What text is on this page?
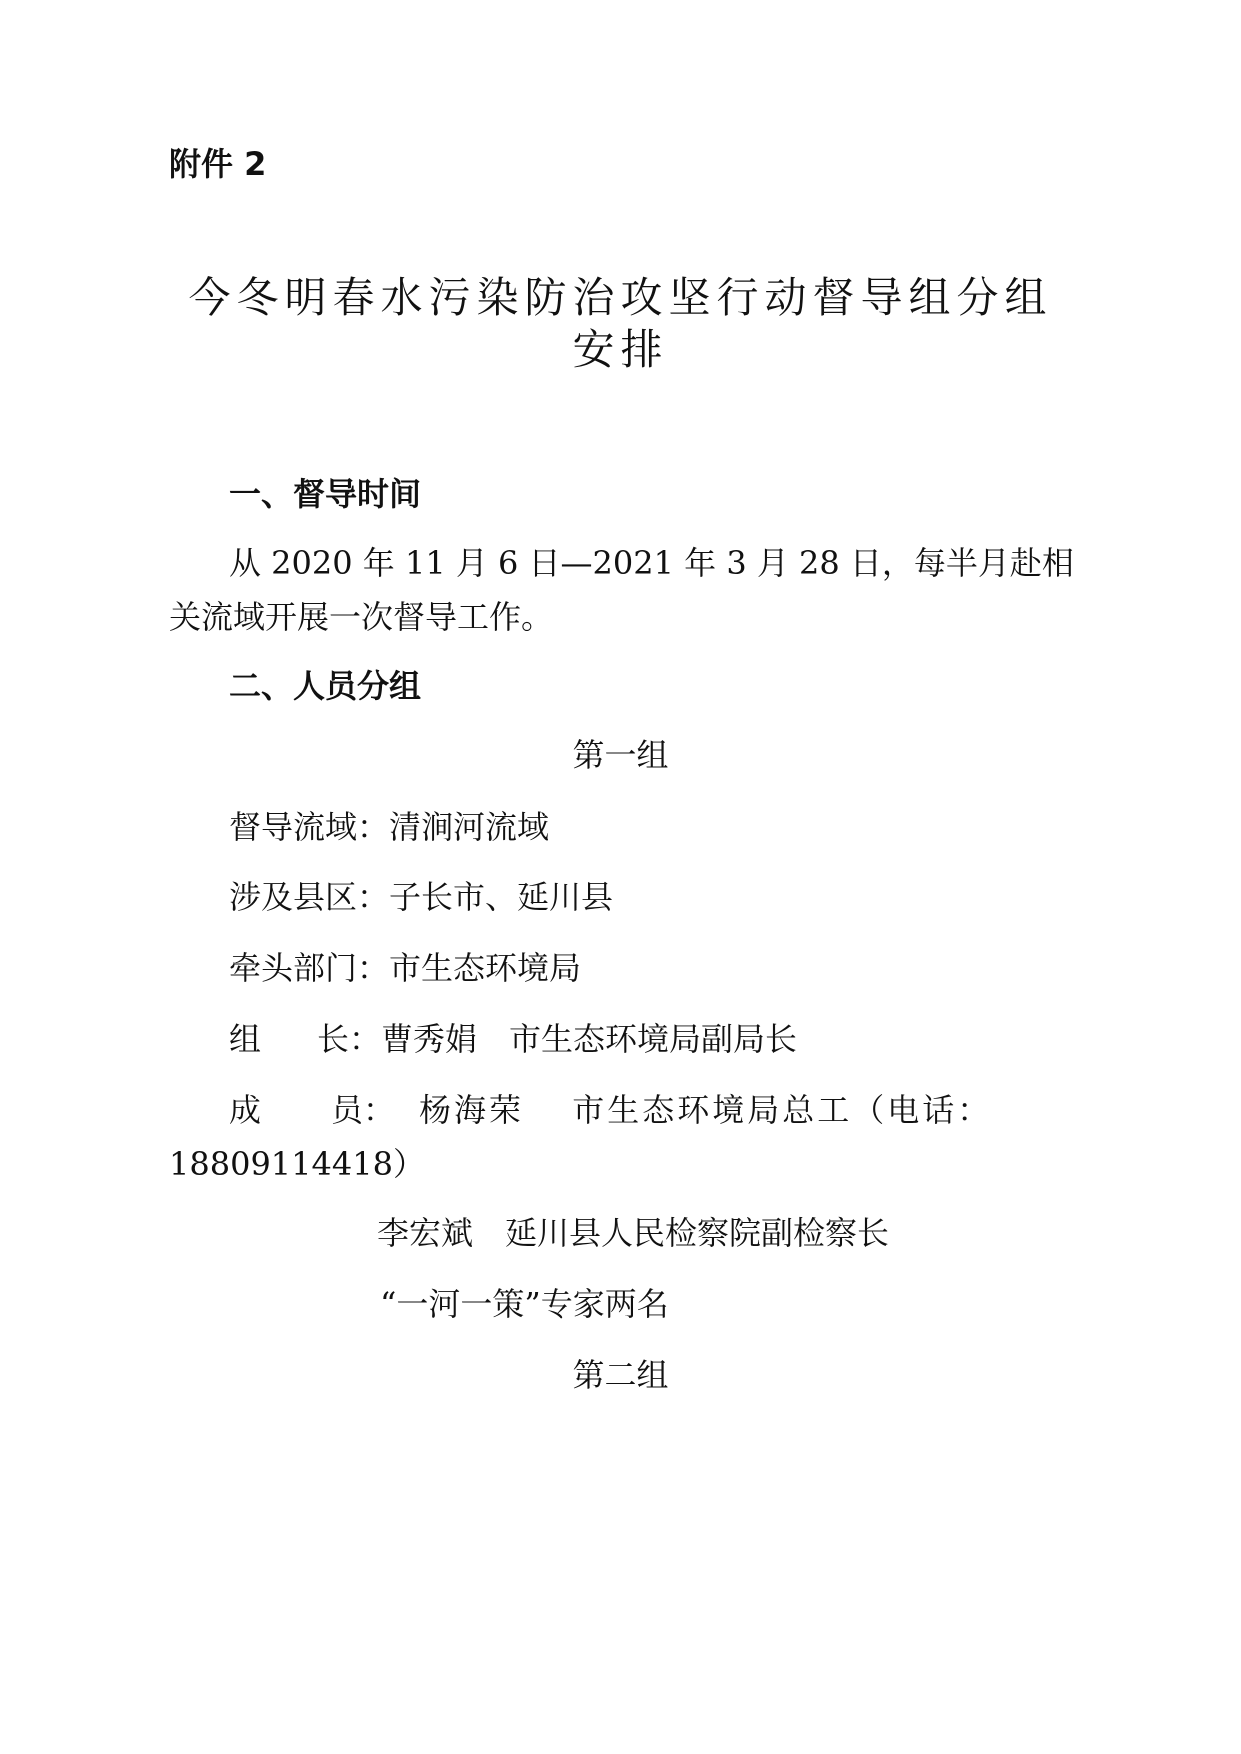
附件 2
今冬明春水污染防治攻坚行动督导组分组
安排
一、督导时间
从 2020 年 11 月 6 日—2021 年 3 月 28 日，每半月赴相
关流域开展一次督导工作。
二、人员分组
第一组
督导流域：清涧河流域
涉及县区：子长市、延川县
牵头部门：市生态环境局
组 长：曹秀娟　市生态环境局副局长
成 员： 杨海荣　 市生态环境局总工（电话：
18809114418）
李宏斌　延川县人民检察院副检察长
“一河一策”专家两名
第二组
